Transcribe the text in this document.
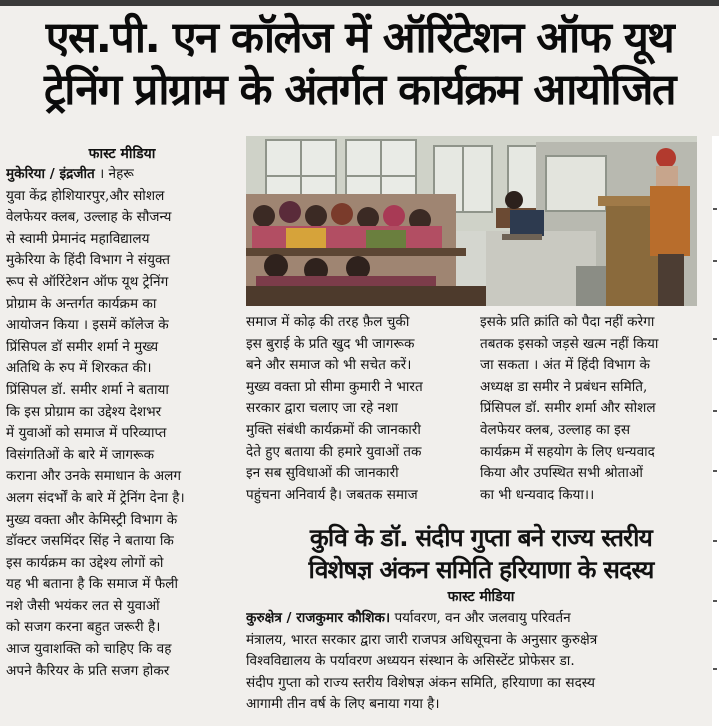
एस.पी. एन कॉलेज में ऑरिंटेशन ऑफ यूथ
ट्रेनिंग प्रोग्राम के अंतर्गत कार्यक्रम आयोजित
फास्ट मीडिया
मुकेरिया / इंद्रजीत । नेहरू
युवा केंद्र होशियारपुर,और सोशल
वेलफेयर क्लब, उल्लाह के सौजन्य
से स्वामी प्रेमानंद महाविद्यालय
मुकेरिया के हिंदी विभाग ने संयुक्त
रूप से ऑरिंटेशन ऑफ यूथ ट्रेनिंग
प्रोग्राम के अन्तर्गत कार्यक्रम का
आयोजन किया । इसमें कॉलेज के
प्रिंसिपल डॉ समीर शर्मा ने मुख्य
अतिथि के रुप में शिरकत की।
प्रिंसिपल डॉ. समीर शर्मा ने बताया
कि इस प्रोग्राम का उद्देश्य देशभर
में युवाओं को समाज में परिव्याप्त
विसंगतिओं के बारे में जागरूक
कराना और उनके समाधान के अलग
अलग संदर्भों के बारे में ट्रेनिंग देना है।
मुख्य वक्ता और केमिस्ट्री विभाग के
डॉक्टर जसमिंदर सिंह ने बताया कि
इस कार्यक्रम का उद्देश्य लोगों को
यह भी बताना है कि समाज में फैली
नशे जैसी भयंकर लत से युवाओं
को सजग करना बहुत जरूरी है।
आज युवाशक्ति को चाहिए कि वह
अपने कैरियर के प्रति सजग होकर
समाज में कोढ़ की तरह फ़ैल चुकी
इस बुराई के प्रति खुद भी जागरूक
बने और समाज को भी सचेत करें।
मुख्य वक्ता प्रो सीमा कुमारी ने भारत
सरकार द्वारा चलाए जा रहे नशा
मुक्ति संबंधी कार्यक्रमों की जानकारी
देते हुए बताया की हमारे युवाओं तक
इन सब सुविधाओं की जानकारी
पहुंचना अनिवार्य है। जबतक समाज
इसके प्रति क्रांति को पैदा नहीं करेगा
तबतक इसको जड़से खत्म नहीं किया
जा सकता । अंत में हिंदी विभाग के
अध्यक्ष डा समीर ने प्रबंधन समिति,
प्रिंसिपल डॉ. समीर शर्मा और सोशल
वेलफेयर क्लब, उल्लाह का इस
कार्यक्रम में सहयोग के लिए धन्यवाद
किया और उपस्थित सभी श्रोताओं
का भी धन्यवाद किया।।
कुवि के डॉ. संदीप गुप्ता बने राज्य स्तरीय
विशेषज्ञ अंकन समिति हरियाणा के सदस्य
फास्ट मीडिया
कुरुक्षेत्र / राजकुमार कौशिक। पर्यावरण, वन और जलवायु परिवर्तन
मंत्रालय, भारत सरकार द्वारा जारी राजपत्र अधिसूचना के अनुसार कुरुक्षेत्र
विश्वविद्यालय के पर्यावरण अध्ययन संस्थान के असिस्टेंट प्रोफेसर डा.
संदीप गुप्ता को राज्य स्तरीय विशेषज्ञ अंकन समिति, हरियाणा का सदस्य
आगामी तीन वर्ष के लिए बनाया गया है।
